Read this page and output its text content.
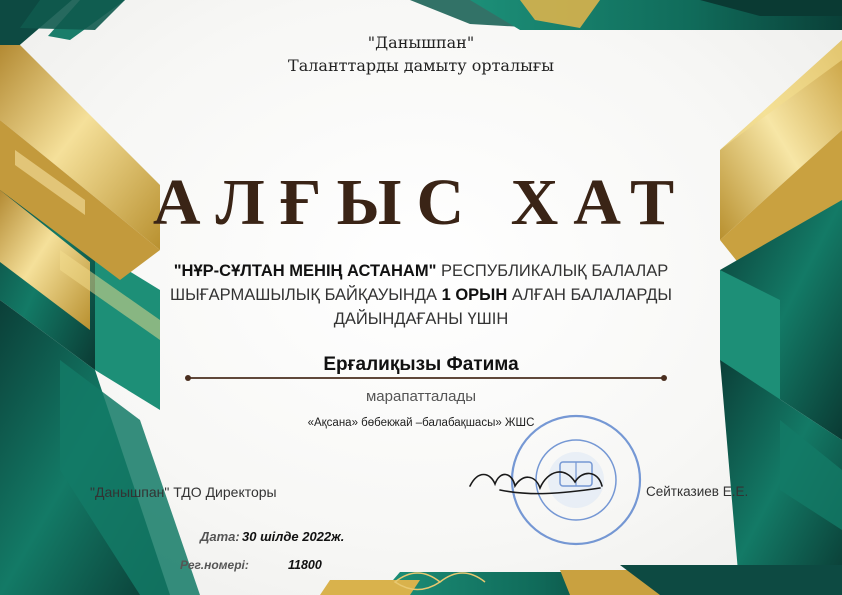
"Данышпан"
Таланттарды дамыту орталығы
АЛҒЫС ХАТ
"НҰР-СҰЛТАН МЕНІҢ АСТАНАМ" РЕСПУБЛИКАЛЫҚ БАЛАЛАР
ШЫҒАРМАШЫЛЫҚ БАЙҚАУЫНДА 1 ОРЫН АЛҒАН БАЛАЛАРДЫ
ДАЙЫНДАҒАНЫ ҮШІН
Ерғалиқызы Фатима
марапатталады
«Ақсана» бөбекжай –балабақшасы» ЖШС
"Данышпан" ТДО Директоры	Сейтказиев Е.Е.
Дата: 30 шілде 2022ж.
Рег.номері:	11800
